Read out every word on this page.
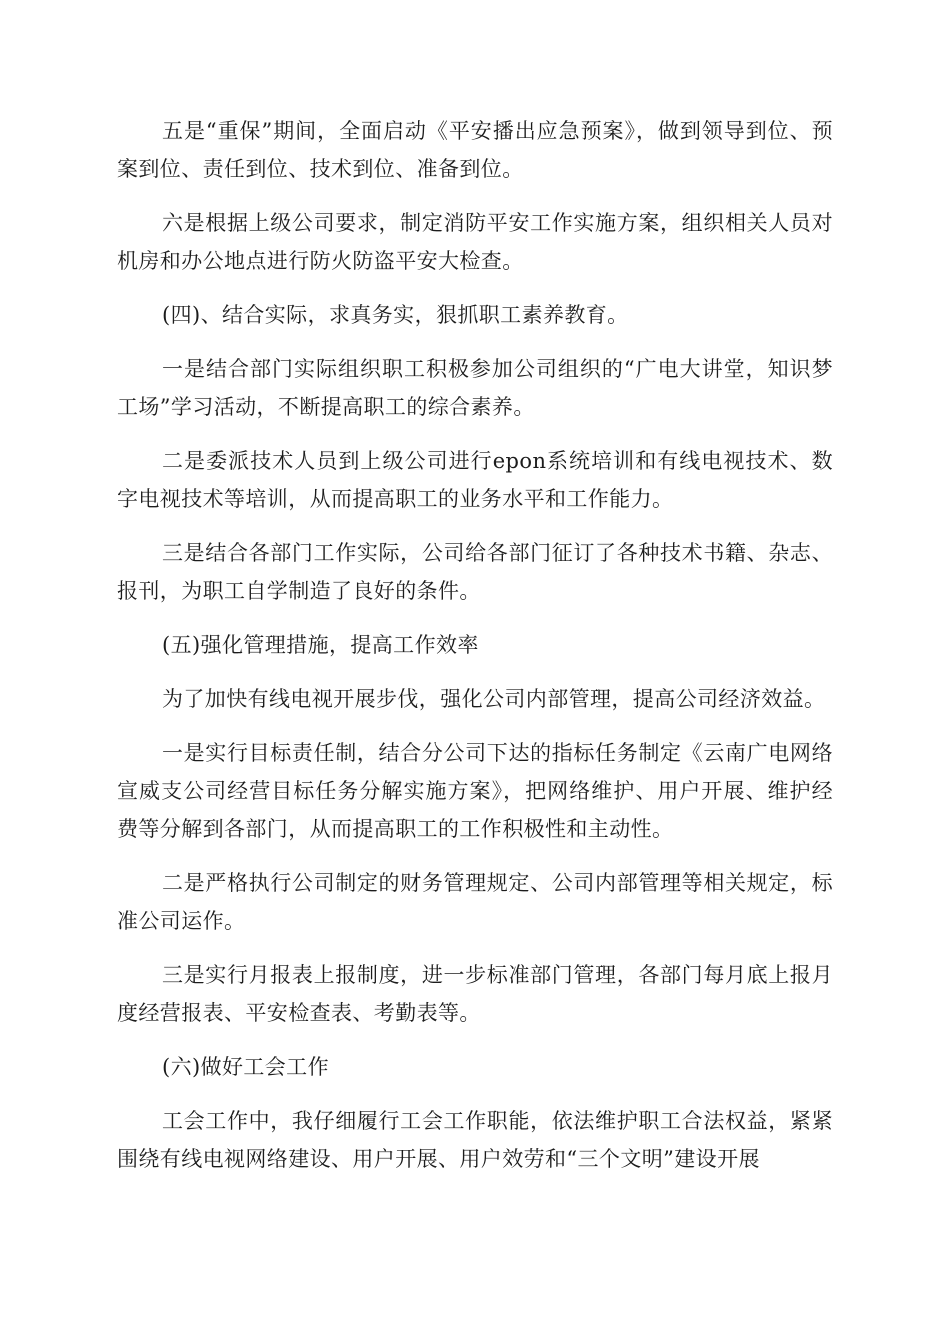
五是“重保”期间，全面启动《平安播出应急预案》，做到领导到位、预案到位、责任到位、技术到位、准备到位。

六是根据上级公司要求，制定消防平安工作实施方案，组织相关人员对机房和办公地点进行防火防盗平安大检查。

(四)、结合实际，求真务实，狠抓职工素养教育。

一是结合部门实际组织职工积极参加公司组织的“广电大讲堂，知识梦工场”学习活动，不断提高职工的综合素养。

二是委派技术人员到上级公司进行epon系统培训和有线电视技术、数字电视技术等培训，从而提高职工的业务水平和工作能力。

三是结合各部门工作实际，公司给各部门征订了各种技术书籍、杂志、报刊，为职工自学制造了良好的条件。

(五)强化管理措施，提高工作效率

为了加快有线电视开展步伐，强化公司内部管理，提高公司经济效益。

一是实行目标责任制，结合分公司下达的指标任务制定《云南广电网络宣威支公司经营目标任务分解实施方案》，把网络维护、用户开展、维护经费等分解到各部门，从而提高职工的工作积极性和主动性。

二是严格执行公司制定的财务管理规定、公司内部管理等相关规定，标准公司运作。

三是实行月报表上报制度，进一步标准部门管理，各部门每月底上报月度经营报表、平安检查表、考勤表等。

(六)做好工会工作

工会工作中，我仔细履行工会工作职能，依法维护职工合法权益，紧紧围绕有线电视网络建设、用户开展、用户效劳和“三个文明”建设开展
